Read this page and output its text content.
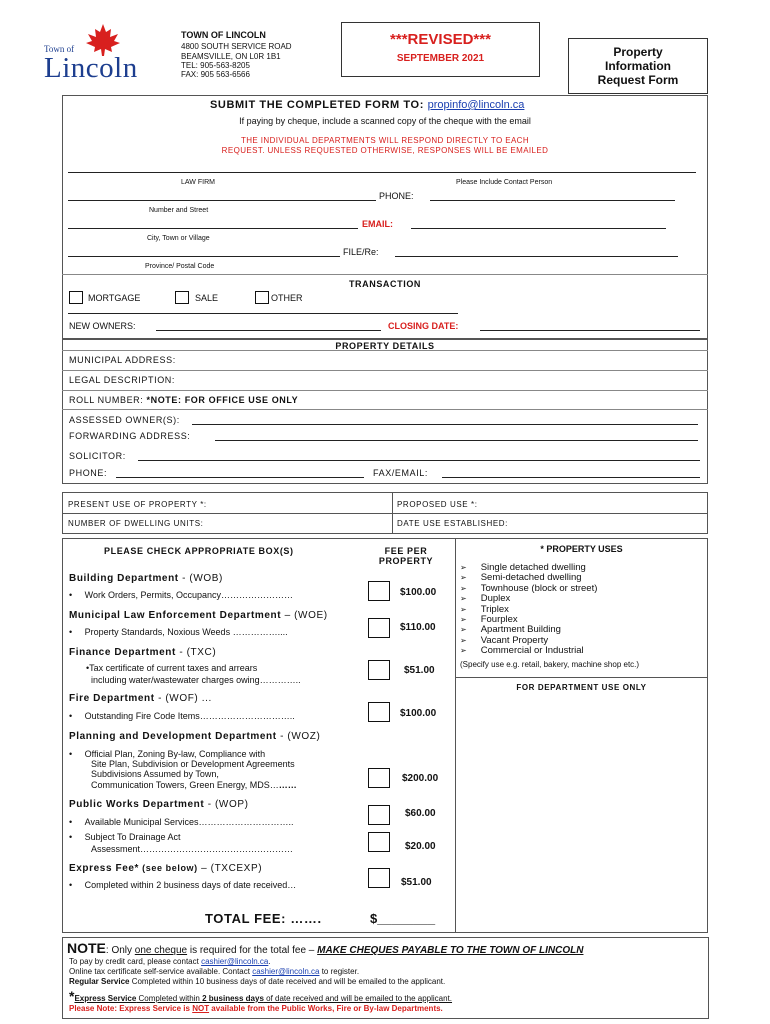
Town of
Lincoln
TOWN OF LINCOLN
4800 SOUTH SERVICE ROAD
BEAMSVILLE, ON L0R 1B1
TEL: 905-563-8205
FAX: 905 563-6566
***REVISED***
SEPTEMBER 2021	Property
Information
Request Form
SUBMIT THE COMPLETED FORM TO: propinfo@lincoln.ca
If paying by cheque, include a scanned copy of the cheque with the email
THE INDIVIDUAL DEPARTMENTS WILL RESPOND DIRECTLY TO EACH
REQUEST. UNLESS REQUESTED OTHERWISE, RESPONSES WILL BE EMAILED
LAW FIRM	Please Include Contact Person
PHONE:
Number and Street
EMAIL:
City, Town or Village
FILE/Re:
Province/ Postal Code
TRANSACTION
MORTGAGE	SALE	OTHER
NEW OWNERS:	CLOSING DATE:
PROPERTY DETAILS
MUNICIPAL ADDRESS:
LEGAL DESCRIPTION:
ROLL NUMBER: *NOTE: FOR OFFICE USE ONLY
ASSESSED OWNER(S):
FORWARDING ADDRESS:
SOLICITOR:
PHONE:	FAX/EMAIL:
PRESENT USE OF PROPERTY *:	PROPOSED USE *:
NUMBER OF DWELLING UNITS:	DATE USE ESTABLISHED:
PLEASE CHECK APPROPRIATE BOX(S)	FEE PER
PROPERTY
Building Department - (WOB)
•     Work Orders, Permits, Occupancy……………………	$100.00
Municipal Law Enforcement Department – (WOE)
•     Property Standards, Noxious Weeds ……………....	$110.00
Finance Department - (TXC)
•Tax certificate of current taxes and arrears
including water/wastewater charges owing…………..
$51.00
Fire Department - (WOF) ...
•     Outstanding Fire Code Items…………………………..	$100.00
Planning and Development Department - (WOZ)
•     Official Plan, Zoning By-law, Compliance with
Site Plan, Subdivision or Development Agreements
Subdivisions Assumed by Town,
Communication Towers, Green Energy, MDS………
$200.00
Public Works Department - (WOP)
•     Available Municipal Services…………………………..
$60.00
•     Subject To Drainage Act
Assessment……………………………………………	$20.00
Express Fee* (see below) – (TXCEXP)
•     Completed within 2 business days of date received…	$51.00
TOTAL FEE: …….	$________
* PROPERTY USES
➢ Single detached dwelling
➢ Semi-detached dwelling
➢ Townhouse (block or street)
➢ Duplex
➢ Triplex
➢ Fourplex
➢ Apartment Building
➢ Vacant Property
➢ Commercial or Industrial
(Specify use e.g. retail, bakery, machine shop etc.)
FOR DEPARTMENT USE ONLY
NOTE: Only one cheque is required for the total fee – MAKE CHEQUES PAYABLE TO THE TOWN OF LINCOLN
To pay by credit card, please contact cashier@lincoln.ca.
Online tax certificate self-service available. Contact cashier@lincoln.ca to register.
Regular Service Completed within 10 business days of date received and will be emailed to the applicant.
*Express Service Completed within 2 business days of date received and will be emailed to the applicant.
Please Note: Express Service is NOT available from the Public Works, Fire or By-law Departments.
